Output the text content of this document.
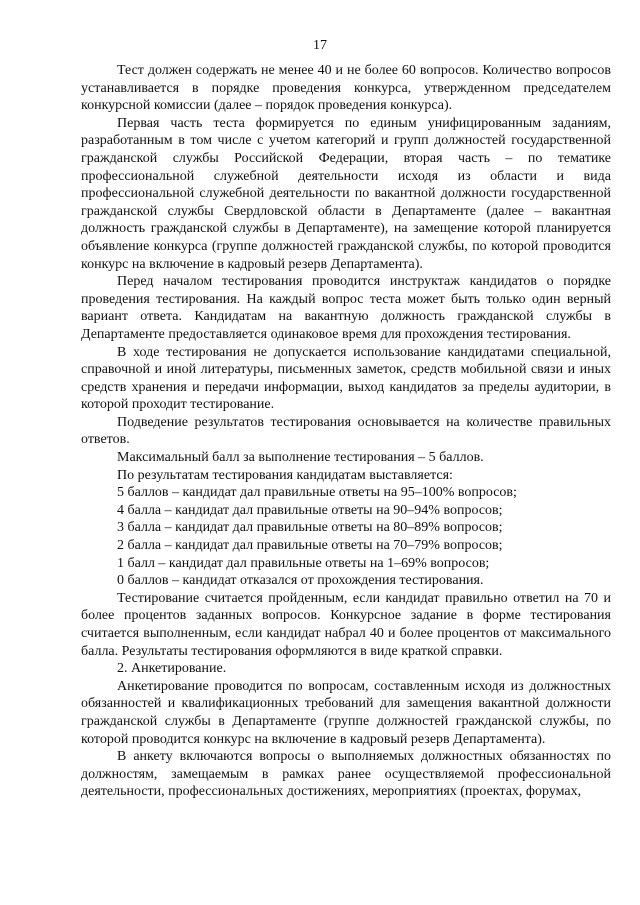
17

Тест должен содержать не менее 40 и не более 60 вопросов. Количество вопросов устанавливается в порядке проведения конкурса, утвержденном председателем конкурсной комиссии (далее – порядок проведения конкурса).

Первая часть теста формируется по единым унифицированным заданиям, разработанным в том числе с учетом категорий и групп должностей государственной гражданской службы Российской Федерации, вторая часть – по тематике профессиональной служебной деятельности исходя из области и вида профессиональной служебной деятельности по вакантной должности государственной гражданской службы Свердловской области в Департаменте (далее – вакантная должность гражданской службы в Департаменте), на замещение которой планируется объявление конкурса (группе должностей гражданской службы, по которой проводится конкурс на включение в кадровый резерв Департамента).

Перед началом тестирования проводится инструктаж кандидатов о порядке проведения тестирования. На каждый вопрос теста может быть только один верный вариант ответа. Кандидатам на вакантную должность гражданской службы в Департаменте предоставляется одинаковое время для прохождения тестирования.

В ходе тестирования не допускается использование кандидатами специальной, справочной и иной литературы, письменных заметок, средств мобильной связи и иных средств хранения и передачи информации, выход кандидатов за пределы аудитории, в которой проходит тестирование.

Подведение результатов тестирования основывается на количестве правильных ответов.

Максимальный балл за выполнение тестирования – 5 баллов.

По результатам тестирования кандидатам выставляется:

5 баллов – кандидат дал правильные ответы на 95–100% вопросов;

4 балла – кандидат дал правильные ответы на 90–94% вопросов;

3 балла – кандидат дал правильные ответы на 80–89% вопросов;

2 балла – кандидат дал правильные ответы на 70–79% вопросов;

1 балл – кандидат дал правильные ответы на 1–69% вопросов;

0 баллов – кандидат отказался от прохождения тестирования.

Тестирование считается пройденным, если кандидат правильно ответил на 70 и более процентов заданных вопросов. Конкурсное задание в форме тестирования считается выполненным, если кандидат набрал 40 и более процентов от максимального балла. Результаты тестирования оформляются в виде краткой справки.

2. Анкетирование.

Анкетирование проводится по вопросам, составленным исходя из должностных обязанностей и квалификационных требований для замещения вакантной должности гражданской службы в Департаменте (группе должностей гражданской службы, по которой проводится конкурс на включение в кадровый резерв Департамента).

В анкету включаются вопросы о выполняемых должностных обязанностях по должностям, замещаемым в рамках ранее осуществляемой профессиональной деятельности, профессиональных достижениях, мероприятиях (проектах, форумах,
